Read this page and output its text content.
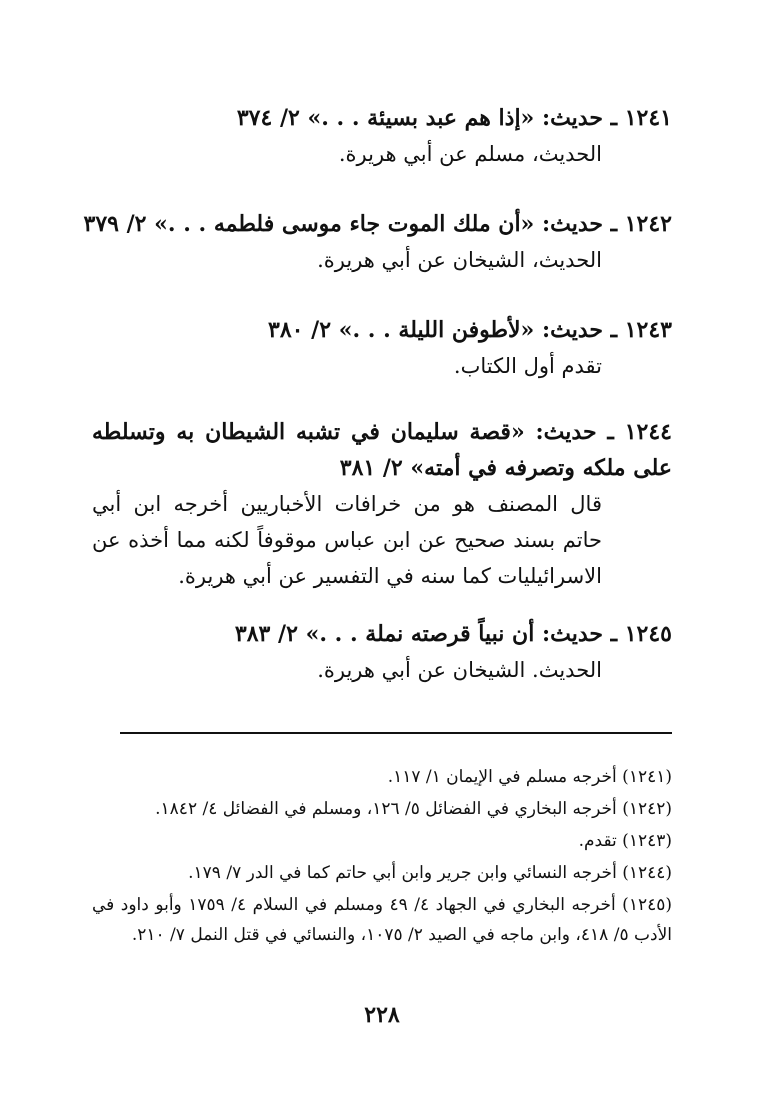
١٢٤١ ـ حديث: «إذا هم عبد بسيئة . . .» ٢/ ٣٧٤
الحديث، مسلم عن أبي هريرة.
١٢٤٢ ـ حديث: «أن ملك الموت جاء موسى فلطمه . . .» ٢/ ٣٧٩
الحديث، الشيخان عن أبي هريرة.
١٢٤٣ ـ حديث: «لأطوفن الليلة . . .» ٢/ ٣٨٠
تقدم أول الكتاب.
١٢٤٤ ـ حديث: «قصة سليمان في تشبه الشيطان به وتسلطه على ملكه وتصرفه في أمته» ٢/ ٣٨١
قال المصنف هو من خرافات الأخباريين أخرجه ابن أبي حاتم بسند صحيح عن ابن عباس موقوفاً لكنه مما أخذه عن الاسرائيليات كما سنه في التفسير عن أبي هريرة.
١٢٤٥ ـ حديث: أن نبياً قرصته نملة . . .» ٢/ ٣٨٣
الحديث. الشيخان عن أبي هريرة.
(١٢٤١) أخرجه مسلم في الإيمان ١/ ١١٧.
(١٢٤٢) أخرجه البخاري في الفضائل ٥/ ١٢٦، ومسلم في الفضائل ٤/ ١٨٤٢.
(١٢٤٣) تقدم.
(١٢٤٤) أخرجه النسائي وابن جرير وابن أبي حاتم كما في الدر ٧/ ١٧٩.
(١٢٤٥) أخرجه البخاري في الجهاد ٤/ ٤٩ ومسلم في السلام ٤/ ١٧٥٩ وأبو داود في الأدب ٥/ ٤١٨، وابن ماجه في الصيد ٢/ ١٠٧٥، والنسائي في قتل النمل ٧/ ٢١٠.
٢٢٨
